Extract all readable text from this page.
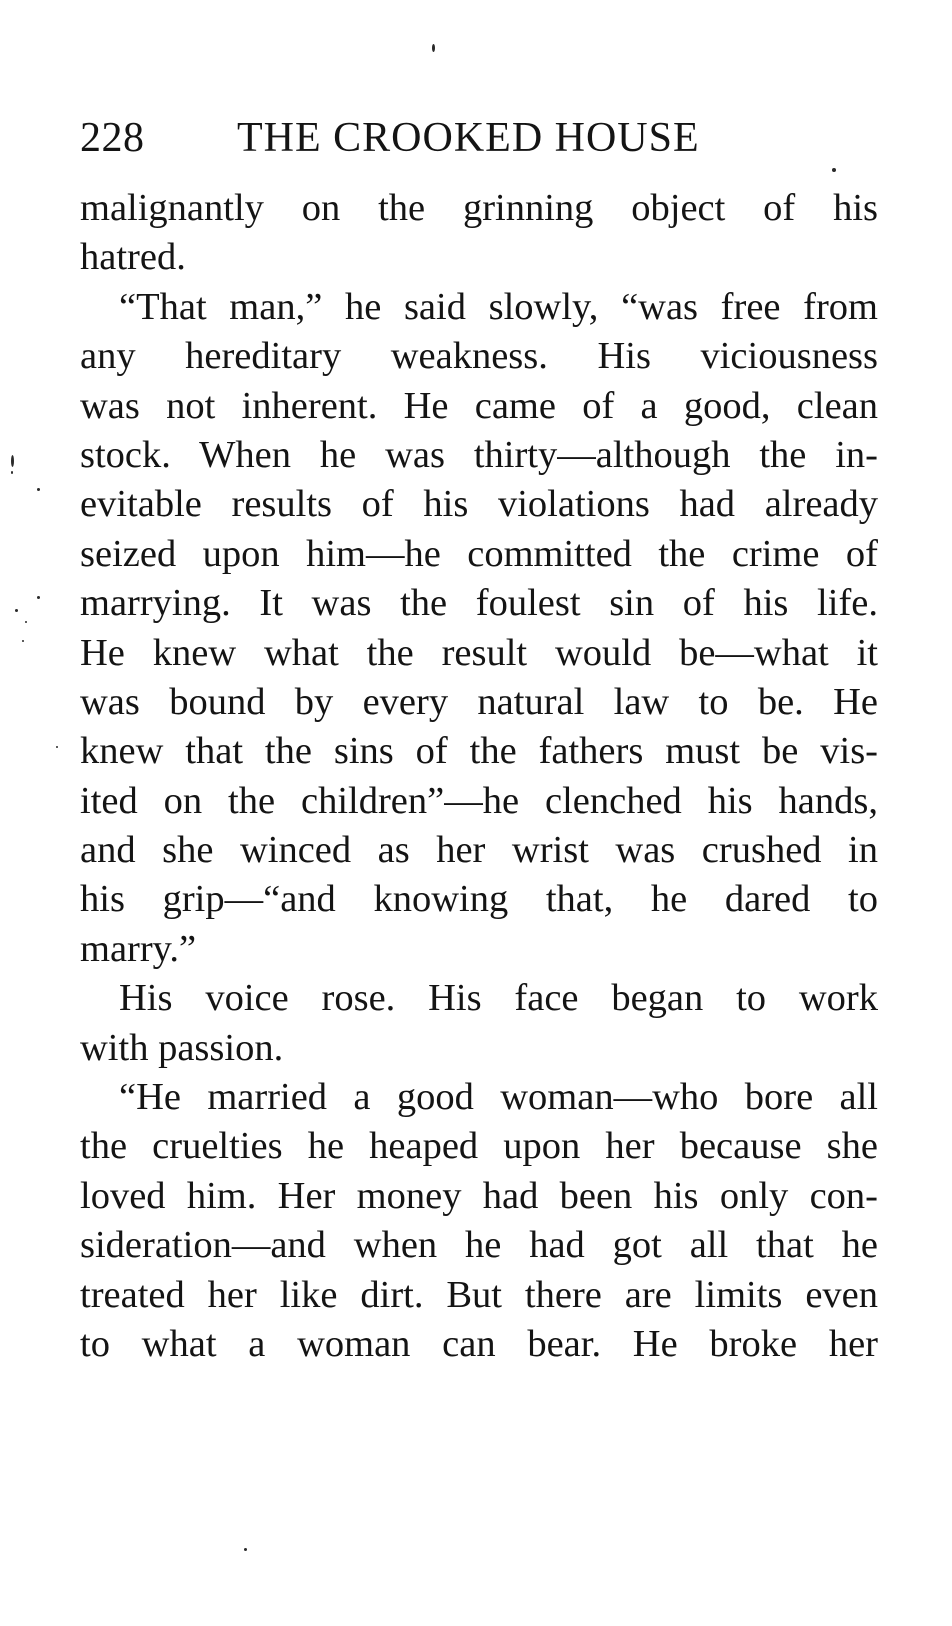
228 THE CROOKED HOUSE
malignantly on the grinning object of his
hatred.
“That man,” he said slowly, “was free from
any hereditary weakness. His viciousness
was not inherent. He came of a good, clean
stock. When he was thirty—although the in-
evitable results of his violations had already
seized upon him—he committed the crime of
marrying. It was the foulest sin of his life.
He knew what the result would be—what it
was bound by every natural law to be. He
knew that the sins of the fathers must be vis-
ited on the children”—he clenched his hands,
and she winced as her wrist was crushed in
his grip—“and knowing that, he dared to
marry.”
His voice rose. His face began to work
with passion.
“He married a good woman—who bore all
the cruelties he heaped upon her because she
loved him. Her money had been his only con-
sideration—and when he had got all that he
treated her like dirt. But there are limits even
to what a woman can bear. He broke her
